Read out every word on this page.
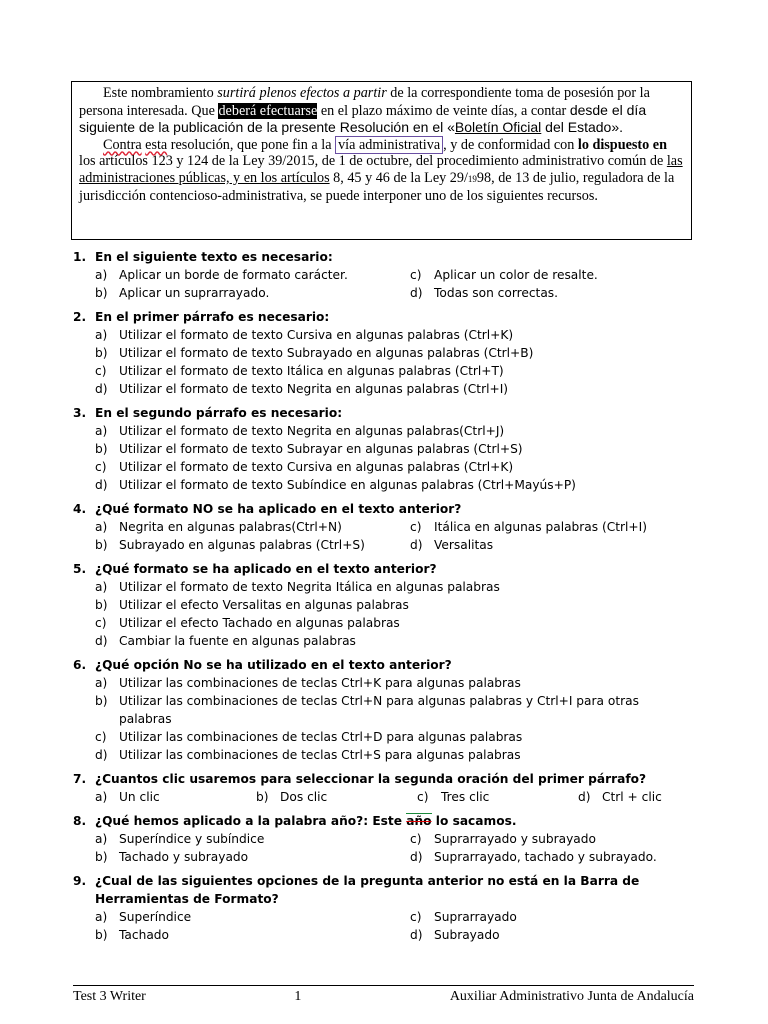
Este nombramiento surtirá plenos efectos a partir de la correspondiente toma de posesión por la persona interesada. Que deberá efectuarse en el plazo máximo de veinte días, a contar desde el día siguiente de la publicación de la presente Resolución en el «Boletín Oficial del Estado».

Contra esta resolución, que pone fin a la vía administrativa , y de conformidad con lo dispuesto en los artículos 123 y 124 de la Ley 39/2015, de 1 de octubre, del procedimiento administrativo común de las administraciones públicas, y en los artículos 8, 45 y 46 de la Ley 29/1998, de 13 de julio, reguladora de la jurisdicción contencioso-administrativa, se puede interponer uno de los siguientes recursos.

1. En el siguiente texto es necesario:
a) Aplicar un borde de formato carácter.	c)	Aplicar un color de resalte.
b) Aplicar un suprarrayado.	d) Todas son correctas.
2. En el primer párrafo es necesario:
a) Utilizar el formato de texto Cursiva en algunas palabras (Ctrl+K)
b) Utilizar el formato de texto Subrayado en algunas palabras (Ctrl+B)
c)	Utilizar el formato de texto Itálica en algunas palabras (Ctrl+T)
d) Utilizar el formato de texto Negrita en algunas palabras (Ctrl+I)
3. En el segundo párrafo es necesario:
a) Utilizar el formato de texto Negrita en algunas palabras(Ctrl+J)
b) Utilizar el formato de texto Subrayar en algunas palabras (Ctrl+S)
c)	Utilizar el formato de texto Cursiva en algunas palabras (Ctrl+K)
d) Utilizar el formato de texto Subíndice en algunas palabras (Ctrl+Mayús+P)
4. ¿Qué formato NO se ha aplicado en el texto anterior?
a) Negrita en algunas palabras(Ctrl+N)	c)	Itálica en algunas palabras (Ctrl+I)
b) Subrayado en algunas palabras (Ctrl+S)	d) Versalitas
5. ¿Qué formato se ha aplicado en el texto anterior?
a) Utilizar el formato de texto Negrita Itálica en algunas palabras
b) Utilizar el efecto Versalitas en algunas palabras
c)	Utilizar el efecto Tachado en algunas palabras
d) Cambiar la fuente en algunas palabras
6. ¿Qué opción No se ha utilizado en el texto anterior?
a) Utilizar las combinaciones de teclas Ctrl+K para algunas palabras
b) Utilizar las combinaciones de teclas Ctrl+N para algunas palabras y Ctrl+I para otras palabras
c)	Utilizar las combinaciones de teclas Ctrl+D para algunas palabras
d) Utilizar las combinaciones de teclas Ctrl+S para algunas palabras
7. ¿Cuantos clic usaremos para seleccionar la segunda oración del primer párrafo?
a) Un clic	b) Dos clic	c)	Tres clic	d) Ctrl + clic
8. ¿Qué hemos aplicado a la palabra año?: Este año lo sacamos.
a) Superíndice y subíndice	c)	Suprarrayado y subrayado
b) Tachado y subrayado	d) Suprarrayado, tachado y subrayado.
9. ¿Cual de las siguientes opciones de la pregunta anterior no está en la Barra de Herramientas de Formato?
a) Superíndice	c)	Suprarrayado
b) Tachado	d) Subrayado
Test 3 Writer	1	Auxiliar Administrativo Junta de Andalucía
